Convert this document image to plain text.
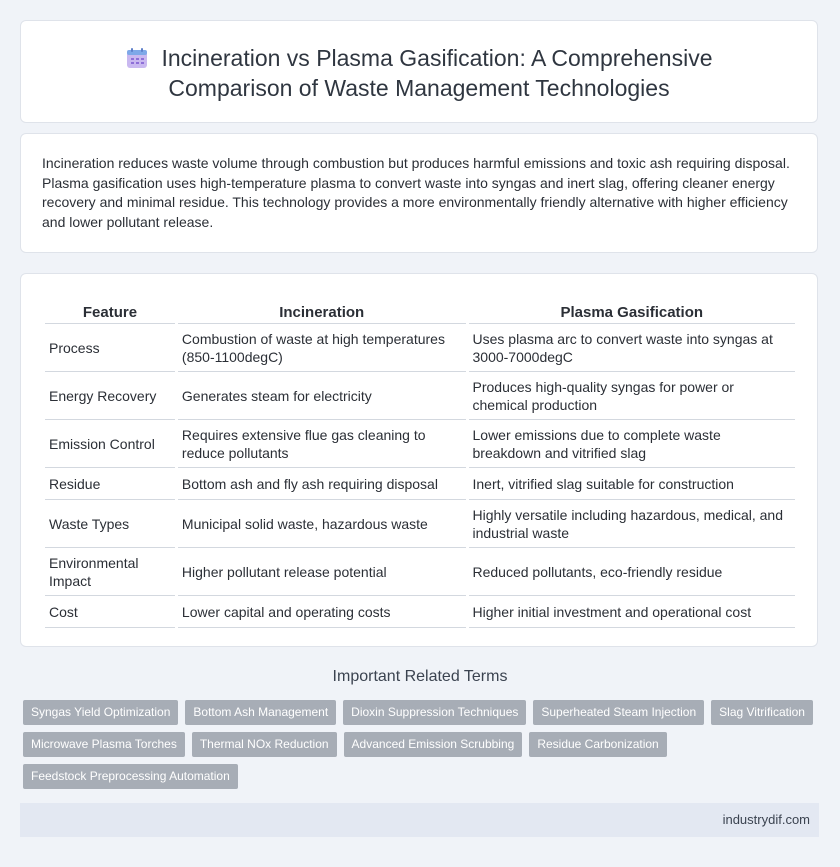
Incineration vs Plasma Gasification: A Comprehensive
Comparison of Waste Management Technologies
Incineration reduces waste volume through combustion but produces harmful emissions and toxic ash requiring disposal. Plasma gasification uses high-temperature plasma to convert waste into syngas and inert slag, offering cleaner energy recovery and minimal residue. This technology provides a more environmentally friendly alternative with higher efficiency and lower pollutant release.
Feature	Incineration	Plasma Gasification
Process	Combustion of waste at high temperatures (850-1100degC)	Uses plasma arc to convert waste into syngas at 3000-7000degC
Energy Recovery	Generates steam for electricity	Produces high-quality syngas for power or chemical production
Emission Control	Requires extensive flue gas cleaning to reduce pollutants	Lower emissions due to complete waste breakdown and vitrified slag
Residue	Bottom ash and fly ash requiring disposal	Inert, vitrified slag suitable for construction
Waste Types	Municipal solid waste, hazardous waste	Highly versatile including hazardous, medical, and industrial waste
Environmental Impact	Higher pollutant release potential	Reduced pollutants, eco-friendly residue
Cost	Lower capital and operating costs	Higher initial investment and operational cost
Important Related Terms
Syngas Yield Optimization	Bottom Ash Management	Dioxin Suppression Techniques	Superheated Steam Injection	Slag Vitrification
Microwave Plasma Torches	Thermal NOx Reduction	Advanced Emission Scrubbing	Residue Carbonization
Feedstock Preprocessing Automation
industrydif.com
